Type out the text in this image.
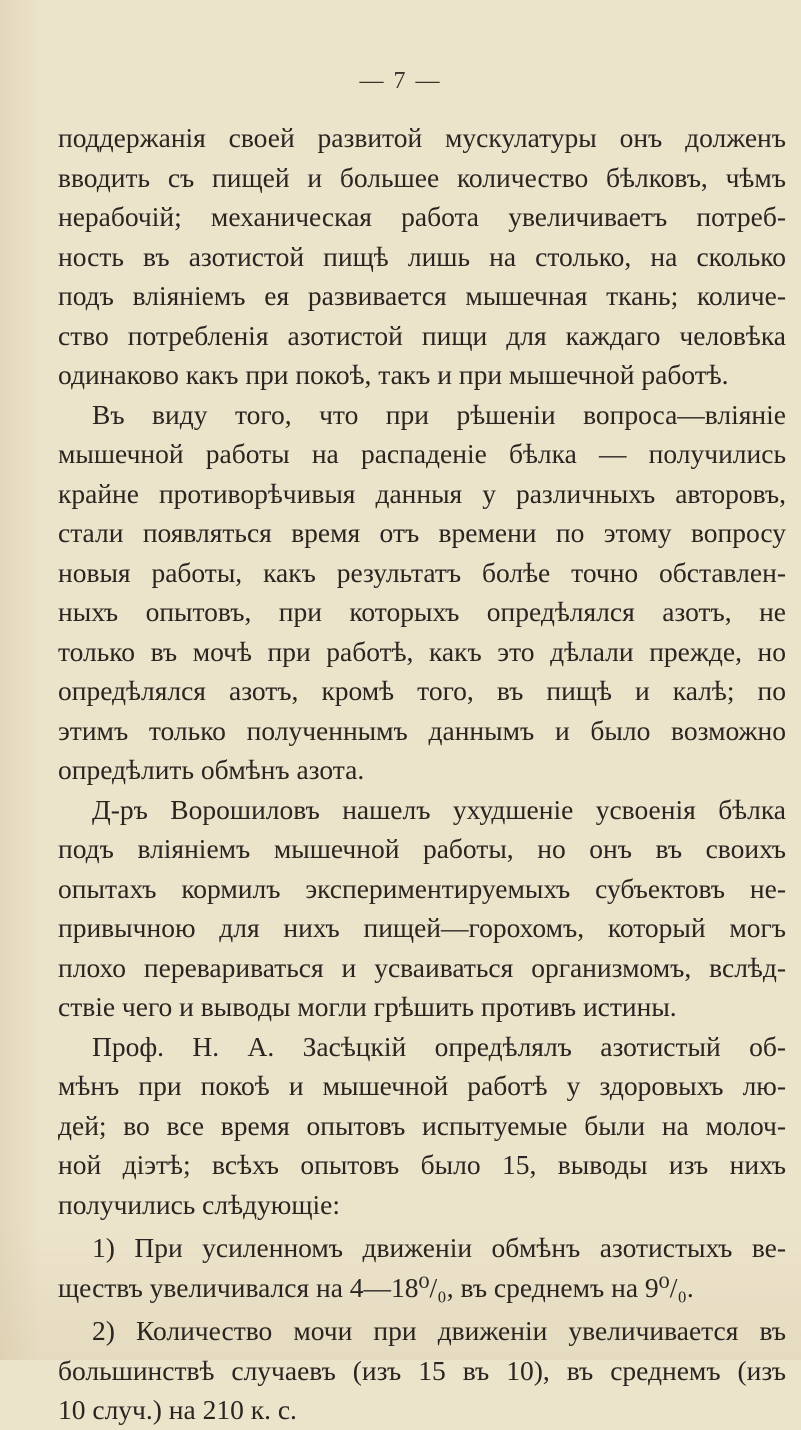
— 7 —
поддержанія своей развитой мускулатуры онъ долженъ
вводить съ пищей и большее количество бѣлковъ, чѣмъ
нерабочій; механическая работа увеличиваетъ потреб-
ность въ азотистой пищѣ лишь на столько, на сколько
подъ вліяніемъ ея развивается мышечная ткань; количе-
ство потребленія азотистой пищи для каждаго человѣка
одинаково какъ при покоѣ, такъ и при мышечной работѣ.
Въ виду того, что при рѣшеніи вопроса—вліяніе
мышечной работы на распаденіе бѣлка — получились
крайне противорѣчивыя данныя у различныхъ авторовъ,
стали появляться время отъ времени по этому вопросу
новыя работы, какъ результатъ болѣе точно обставлен-
ныхъ опытовъ, при которыхъ опредѣлялся азотъ, не
только въ мочѣ при работѣ, какъ это дѣлали прежде, но
опредѣлялся азотъ, кромѣ того, въ пищѣ и калѣ; по
этимъ только полученнымъ даннымъ и было возможно
опредѣлить обмѣнъ азота.
Д-ръ Ворошиловъ нашелъ ухудшеніе усвоенія бѣлка
подъ вліяніемъ мышечной работы, но онъ въ своихъ
опытахъ кормилъ экспериментируемыхъ субъектовъ не-
привычною для нихъ пищей—горохомъ, который могъ
плохо перевариваться и усваиваться организмомъ, вслѣд-
ствіе чего и выводы могли грѣшить противъ истины.
Проф. Н. А. Засѣцкій опредѣлялъ азотистый об-
мѣнъ при покоѣ и мышечной работѣ у здоровыхъ лю-
дей; во все время опытовъ испытуемые были на молоч-
ной діэтѣ; всѣхъ опытовъ было 15, выводы изъ нихъ
получились слѣдующіе:
1) При усиленномъ движеніи обмѣнъ азотистыхъ ве-
ществъ увеличивался на 4—18⁰/₀, въ среднемъ на 9⁰/₀.
2) Количество мочи при движеніи увеличивается въ
большинствѣ случаевъ (изъ 15 въ 10), въ среднемъ (изъ
10 случ.) на 210 к. с.
